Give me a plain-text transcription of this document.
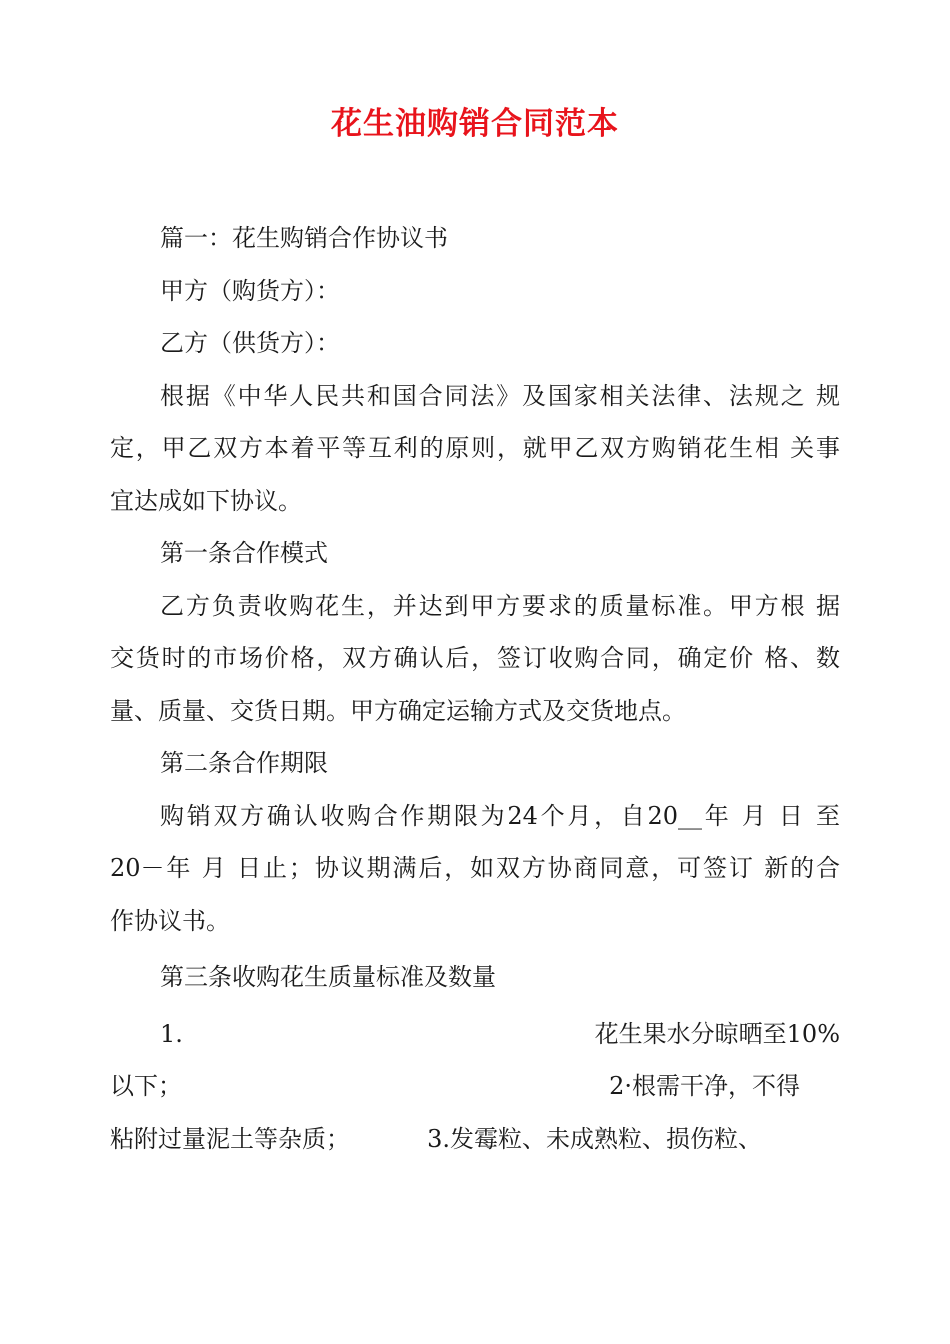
花生油购销合同范本

篇一：花生购销合作协议书

甲方（购货方）：

乙方（供货方）：

根据《中华人民共和国合同法》及国家相关法律、法规之 规
定，甲乙双方本着平等互利的原则，就甲乙双方购销花生相 关事
宜达成如下协议。

第一条合作模式

乙方负责收购花生，并达到甲方要求的质量标准。甲方根 据
交货时的市场价格，双方确认后，签订收购合同，确定价 格、数
量、质量、交货日期。甲方确定运输方式及交货地点。

第二条合作期限

购销双方确认收购合作期限为24个月，自20__年 月 日 至
20－年 月 日止；协议期满后，如双方协商同意，可签订 新的合
作协议书。

第三条收购花生质量标准及数量

1.	花生果水分晾晒至10%
以下；	2·根需干净，不得
粘附过量泥土等杂质；	3.发霉粒、未成熟粒、损伤粒、
